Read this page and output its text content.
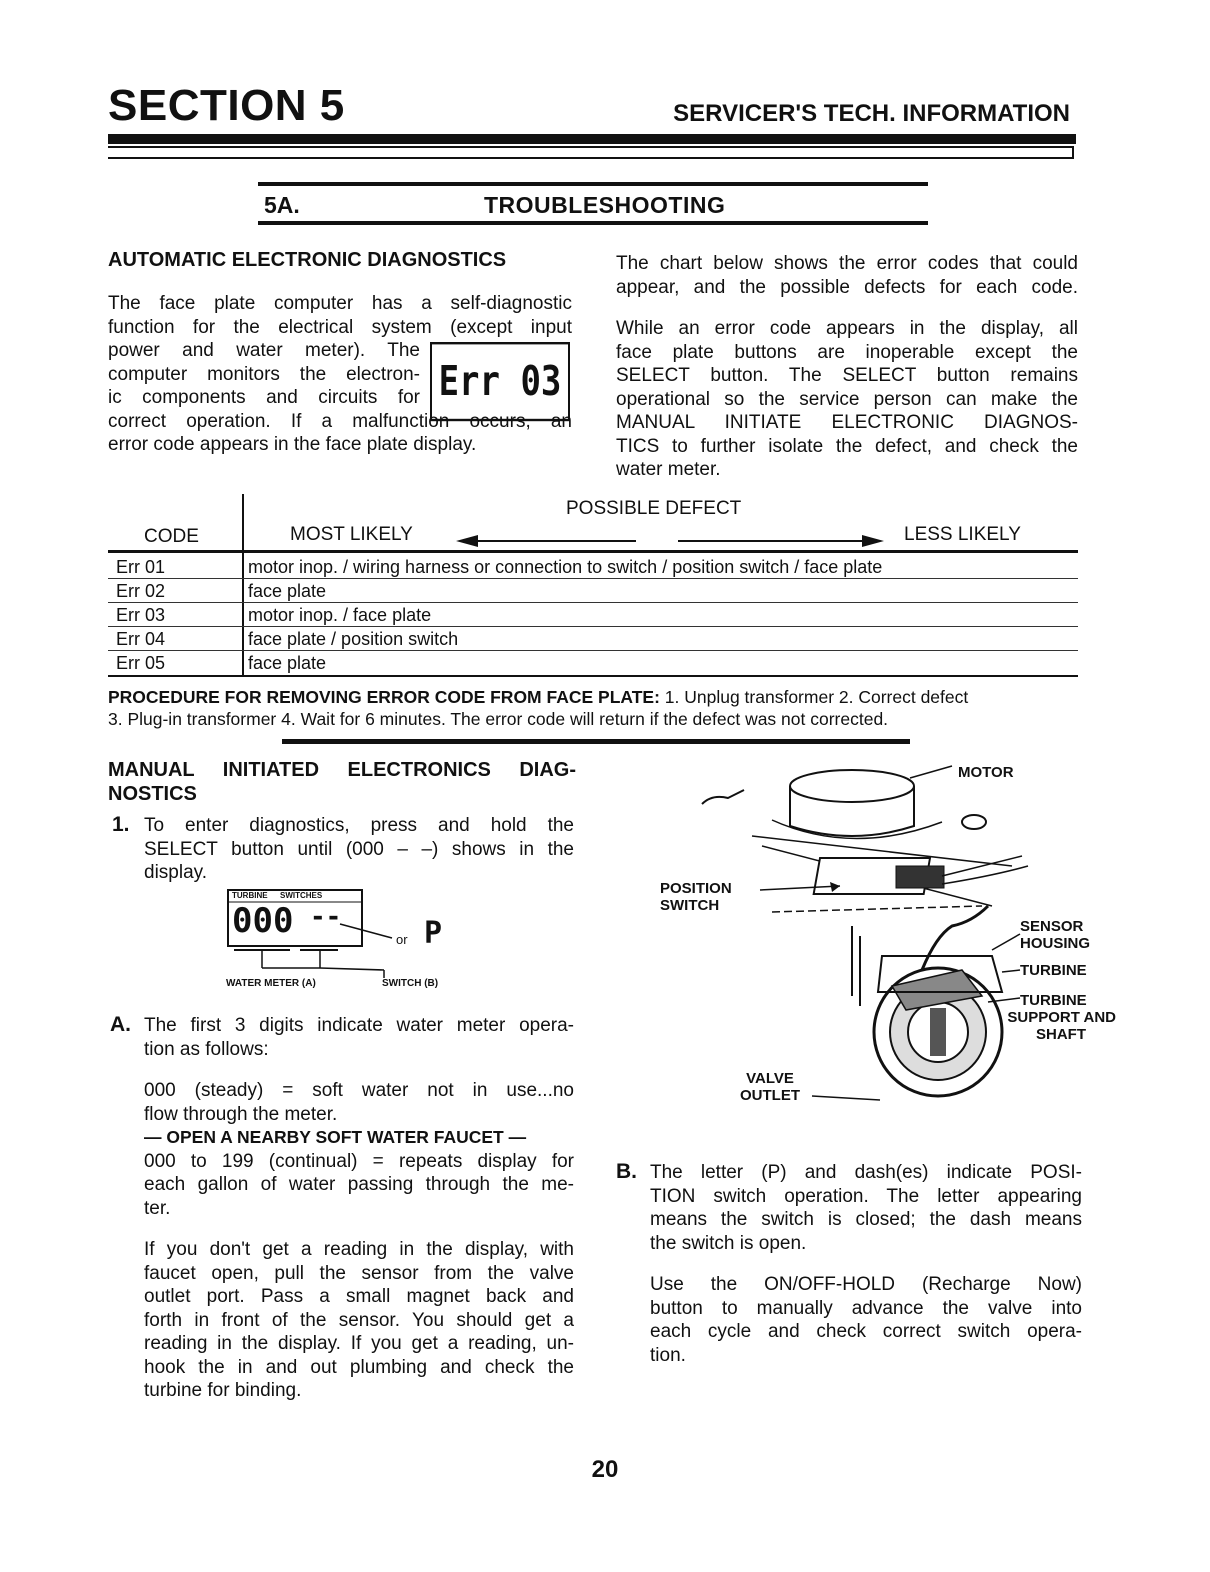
SECTION 5	SERVICER'S TECH. INFORMATION
5A.	TROUBLESHOOTING
AUTOMATIC ELECTRONIC DIAGNOSTICS
The face plate computer has a self-diagnostic
function for the electrical system (except input
power and water meter). The
computer monitors the electron-
ic components and circuits for
correct operation. If a malfunction occurs, an
error code appears in the face plate display.
Err 03
The chart below shows the error codes that could
appear, and the possible defects for each code.
While an error code appears in the display, all
face plate buttons are inoperable except the
SELECT button. The SELECT button remains
operational so the service person can make the
MANUAL INITIATE ELECTRONIC DIAGNOS-
TICS to further isolate the defect, and check the
water meter.
POSSIBLE DEFECT
CODE	MOST LIKELY	LESS LIKELY
Err 01	motor inop. / wiring harness or connection to switch / position switch / face plate
Err 02	face plate
Err 03	motor inop. / face plate
Err 04	face plate / position switch
Err 05	face plate
PROCEDURE FOR REMOVING ERROR CODE FROM FACE PLATE: 1. Unplug transformer 2. Correct defect
3. Plug-in transformer 4. Wait for 6 minutes. The error code will return if the defect was not corrected.
MANUAL INITIATED ELECTRONICS DIAG-
NOSTICS
1. To enter diagnostics, press and hold the
SELECT button until (000 – –) shows in the
display.
TURBINE SWITCHES
000 --
or P
WATER METER (A)	SWITCH (B)
A. The first 3 digits indicate water meter opera-
tion as follows:
000 (steady) = soft water not in use...no
flow through the meter.
— OPEN A NEARBY SOFT WATER FAUCET —
000 to 199 (continual) = repeats display for
each gallon of water passing through the me-
ter.
If you don't get a reading in the display, with
faucet open, pull the sensor from the valve
outlet port. Pass a small magnet back and
forth in front of the sensor. You should get a
reading in the display. If you get a reading, un-
hook the in and out plumbing and check the
turbine for binding.
MOTOR
POSITION
SWITCH
SENSOR
HOUSING
TURBINE
TURBINE
SUPPORT AND
SHAFT
VALVE
OUTLET
B. The letter (P) and dash(es) indicate POSI-
TION switch operation. The letter appearing
means the switch is closed; the dash means
the switch is open.
Use the ON/OFF-HOLD (Recharge Now)
button to manually advance the valve into
each cycle and check correct switch opera-
tion.
20
